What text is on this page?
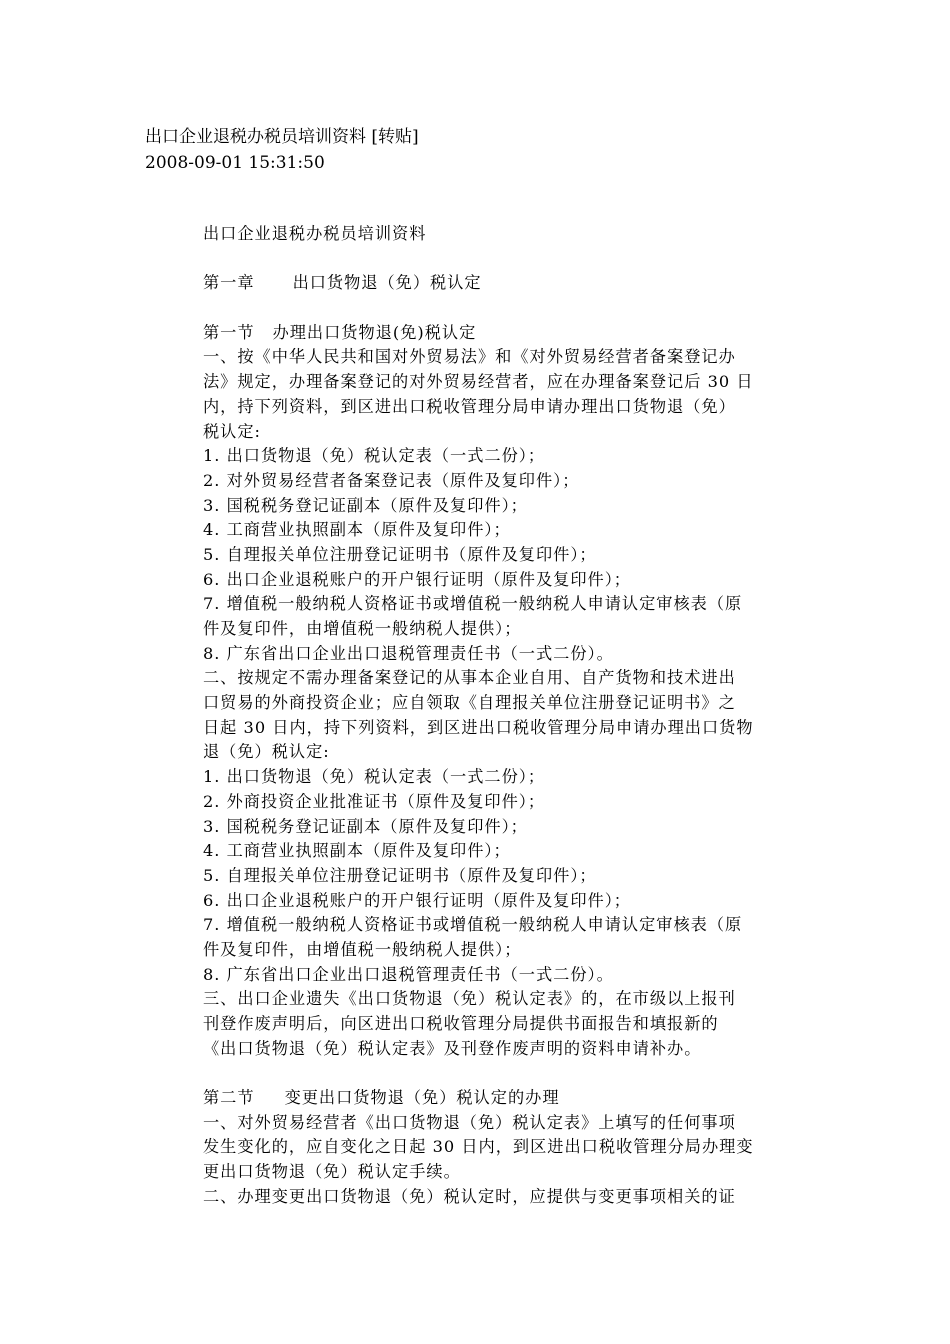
出口企业退税办税员培训资料 [转贴]
2008-09-01 15:31:50
出口企业退税办税员培训资料
第一章 出口货物退（免）税认定
第一节 办理出口货物退(免)税认定
一、按《中华人民共和国对外贸易法》和《对外贸易经营者备案登记办
法》规定，办理备案登记的对外贸易经营者，应在办理备案登记后 30 日
内，持下列资料，到区进出口税收管理分局申请办理出口货物退（免）
税认定:
1. 出口货物退（免）税认定表（一式二份）；
2. 对外贸易经营者备案登记表（原件及复印件）；
3. 国税税务登记证副本（原件及复印件）；
4. 工商营业执照副本（原件及复印件）；
5. 自理报关单位注册登记证明书（原件及复印件）；
6. 出口企业退税账户的开户银行证明（原件及复印件）；
7. 增值税一般纳税人资格证书或增值税一般纳税人申请认定审核表（原
件及复印件，由增值税一般纳税人提供）；
8. 广东省出口企业出口退税管理责任书（一式二份）。
二、按规定不需办理备案登记的从事本企业自用、自产货物和技术进出
口贸易的外商投资企业；应自领取《自理报关单位注册登记证明书》之
日起 30 日内，持下列资料，到区进出口税收管理分局申请办理出口货物
退（免）税认定:
1. 出口货物退（免）税认定表（一式二份）；
2. 外商投资企业批准证书（原件及复印件）；
3. 国税税务登记证副本（原件及复印件）；
4. 工商营业执照副本（原件及复印件）；
5. 自理报关单位注册登记证明书（原件及复印件）；
6. 出口企业退税账户的开户银行证明（原件及复印件）；
7. 增值税一般纳税人资格证书或增值税一般纳税人申请认定审核表（原
件及复印件，由增值税一般纳税人提供）；
8. 广东省出口企业出口退税管理责任书（一式二份）。
三、出口企业遗失《出口货物退（免）税认定表》的，在市级以上报刊
刊登作废声明后，向区进出口税收管理分局提供书面报告和填报新的
《出口货物退（免）税认定表》及刊登作废声明的资料申请补办。
第二节 变更出口货物退（免）税认定的办理
一、对外贸易经营者《出口货物退（免）税认定表》上填写的任何事项
发生变化的，应自变化之日起 30 日内，到区进出口税收管理分局办理变
更出口货物退（免）税认定手续。
二、办理变更出口货物退（免）税认定时，应提供与变更事项相关的证
